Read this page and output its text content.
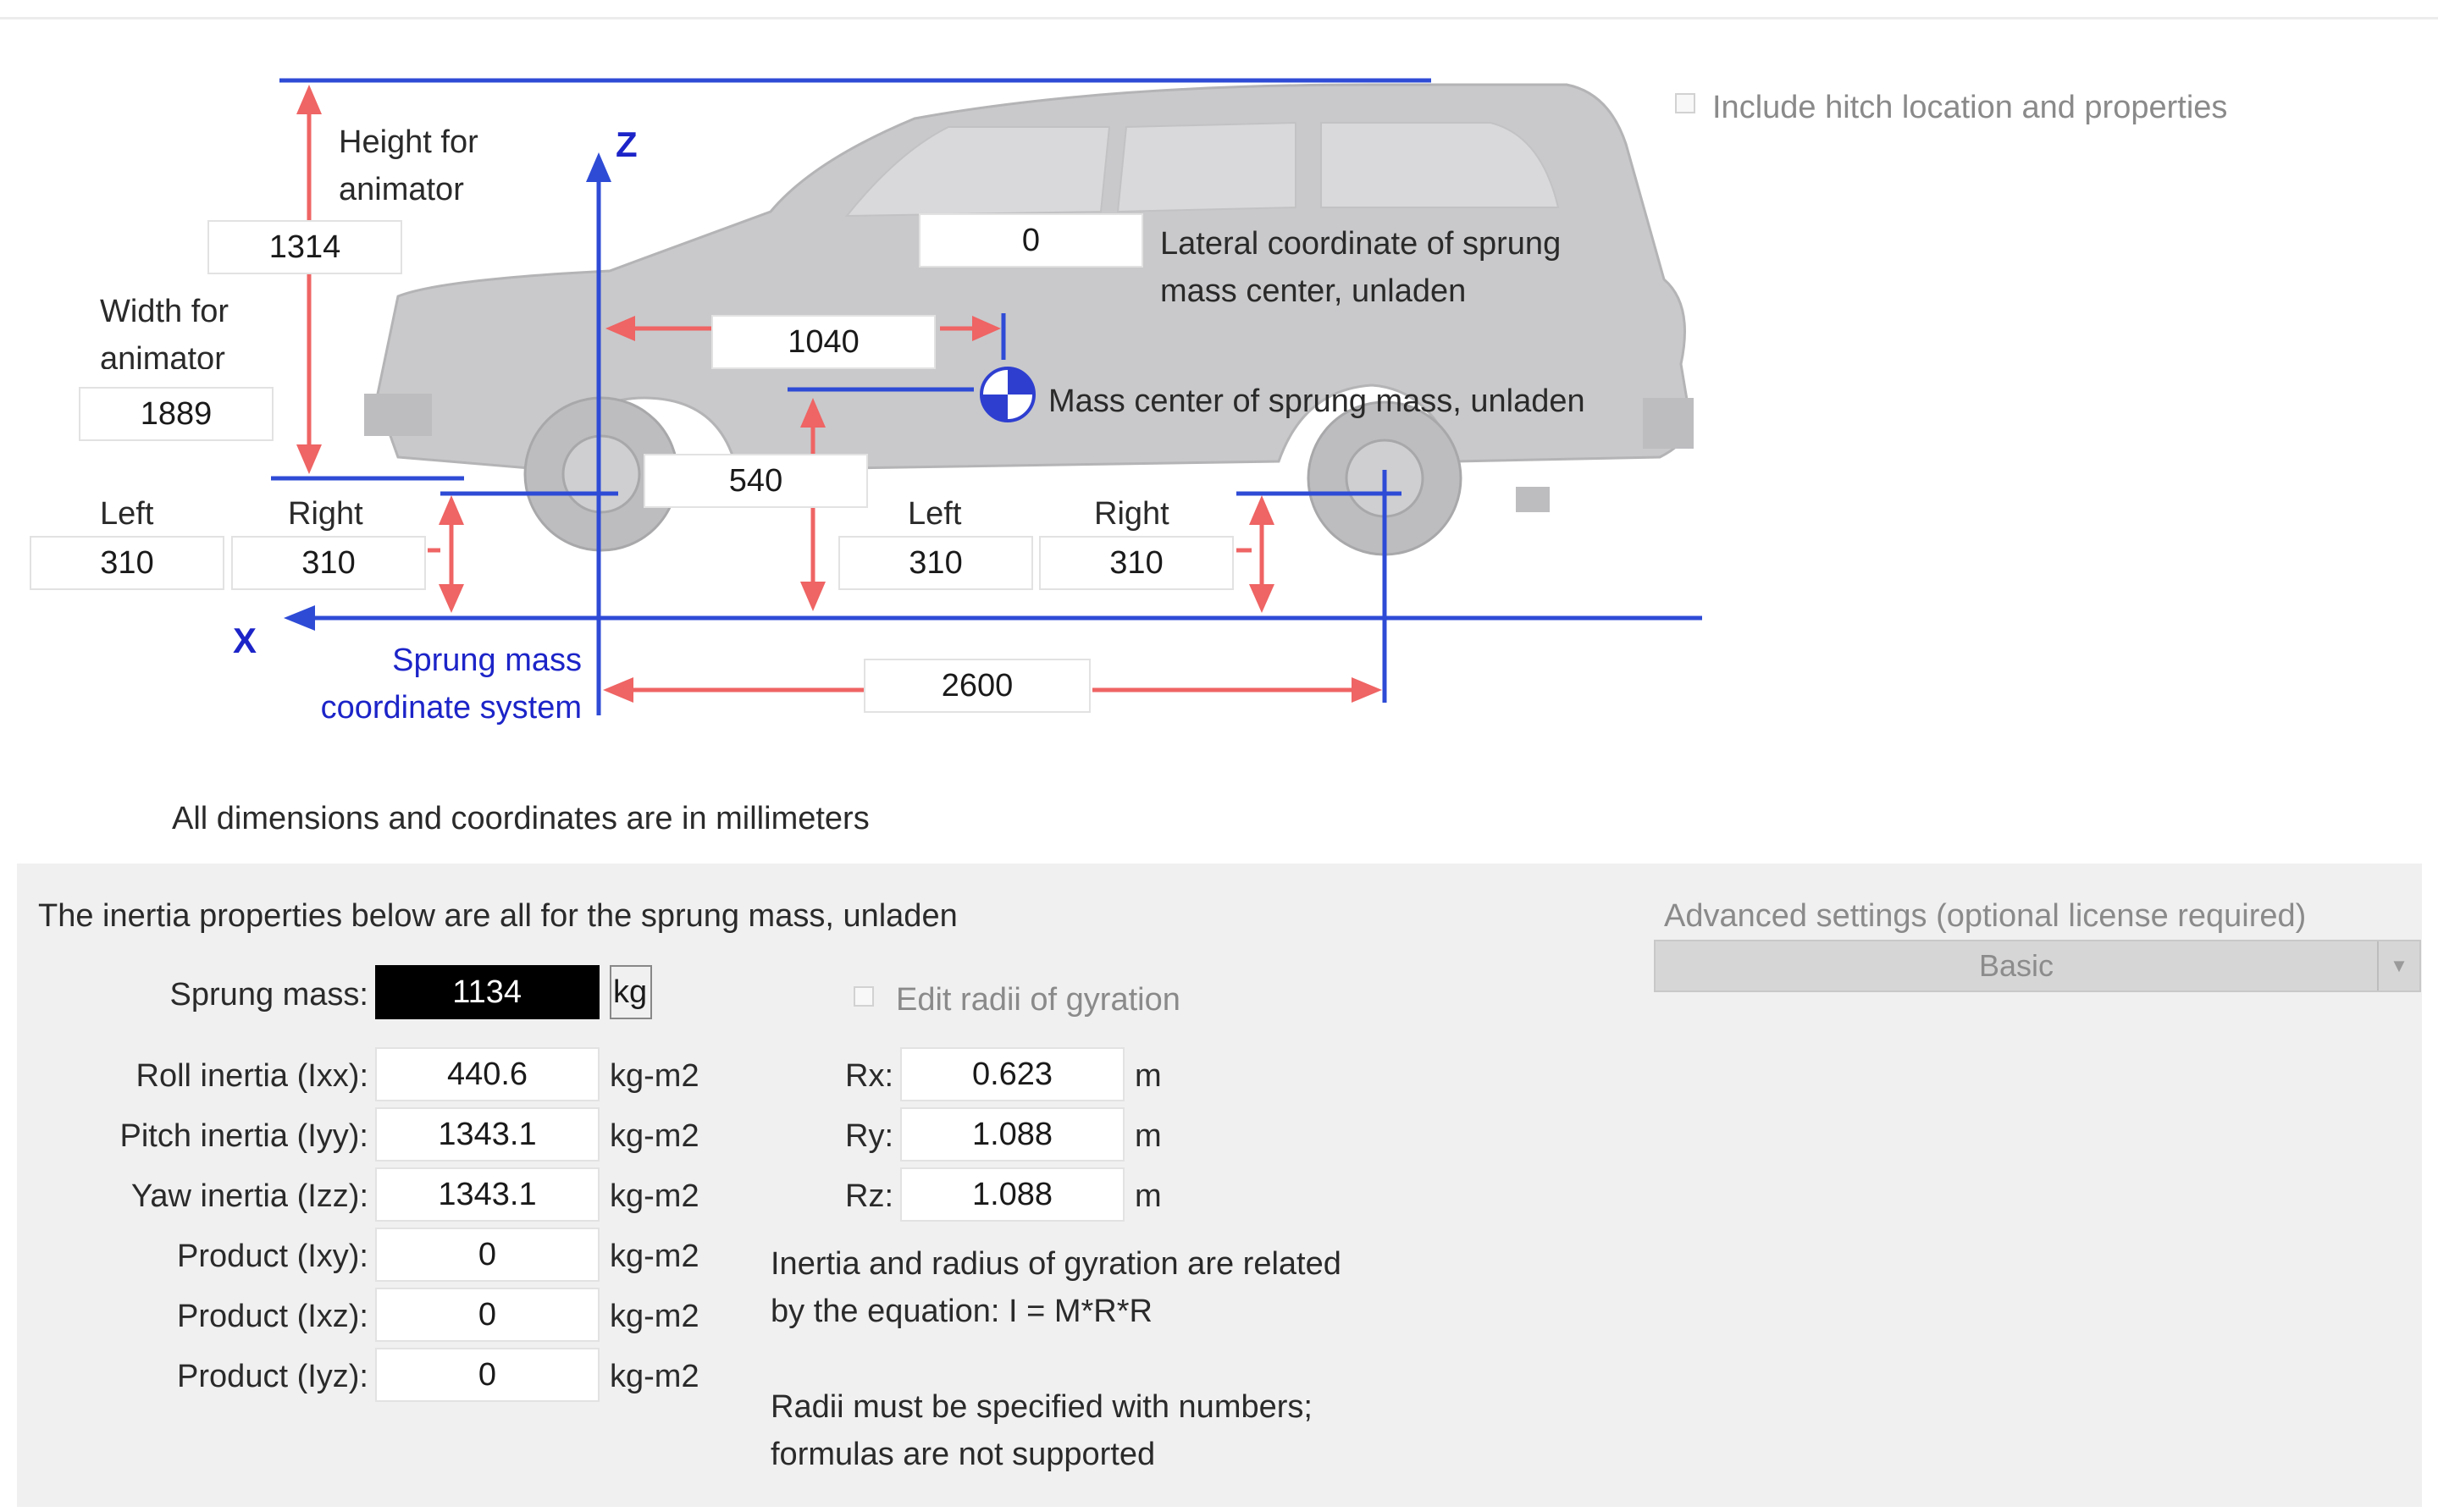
Include hitch location and properties
Height for
animator
1314
Width for
animator
1889
0	Lateral coordinate of sprung
mass center, unladen
1040
Mass center of sprung mass, unladen
540
Left	Right
310	310
Left	Right
310	310
Z
X	Sprung mass
coordinate system
2600
All dimensions and coordinates are in millimeters
The inertia properties below are all for the sprung mass, unladen
Sprung mass:	1134	kg
Roll inertia (Ixx):	440.6	kg-m2
Pitch inertia (Iyy):	1343.1	kg-m2
Yaw inertia (Izz):	1343.1	kg-m2
Product (Ixy):	0	kg-m2
Product (Ixz):	0	kg-m2
Product (Iyz):	0	kg-m2
Edit radii of gyration
Rx:	0.623	m
Ry:	1.088	m
Rz:	1.088	m
Inertia and radius of gyration are related
by the equation: I = M*R*R
Radii must be specified with numbers;
formulas are not supported
Advanced settings (optional license required)
Basic	▼
